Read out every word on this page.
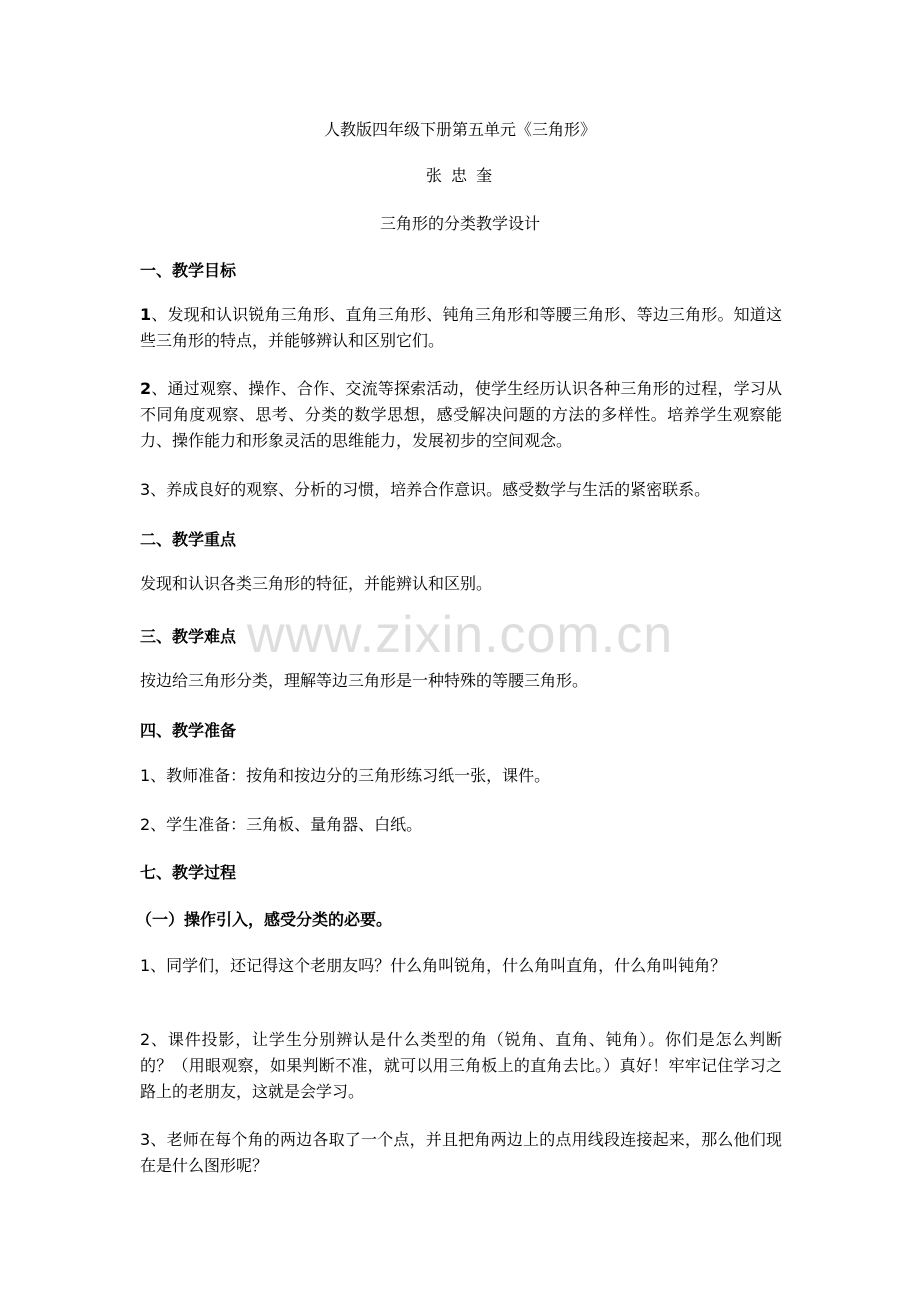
www.zixin.com.cn
人教版四年级下册第五单元《三角形》
张 忠 奎
三角形的分类教学设计
一、教学目标
1、发现和认识锐角三角形、直角三角形、钝角三角形和等腰三角形、等边三角形。知道这些三角形的特点，并能够辨认和区别它们。
2、通过观察、操作、合作、交流等探索活动，使学生经历认识各种三角形的过程，学习从不同角度观察、思考、分类的数学思想，感受解决问题的方法的多样性。培养学生观察能力、操作能力和形象灵活的思维能力，发展初步的空间观念。
3、养成良好的观察、分析的习惯，培养合作意识。感受数学与生活的紧密联系。
二、教学重点
发现和认识各类三角形的特征，并能辨认和区别。
三、教学难点
按边给三角形分类，理解等边三角形是一种特殊的等腰三角形。
四、教学准备
1、教师准备：按角和按边分的三角形练习纸一张，课件。
2、学生准备：三角板、量角器、白纸。
七、教学过程
（一）操作引入，感受分类的必要。
1、同学们，还记得这个老朋友吗？什么角叫锐角，什么角叫直角，什么角叫钝角？
2、课件投影，让学生分别辨认是什么类型的角（锐角、直角、钝角）。你们是怎么判断的？（用眼观察，如果判断不准，就可以用三角板上的直角去比。）真好！牢牢记住学习之路上的老朋友，这就是会学习。
3、老师在每个角的两边各取了一个点，并且把角两边上的点用线段连接起来，那么他们现在是什么图形呢？
